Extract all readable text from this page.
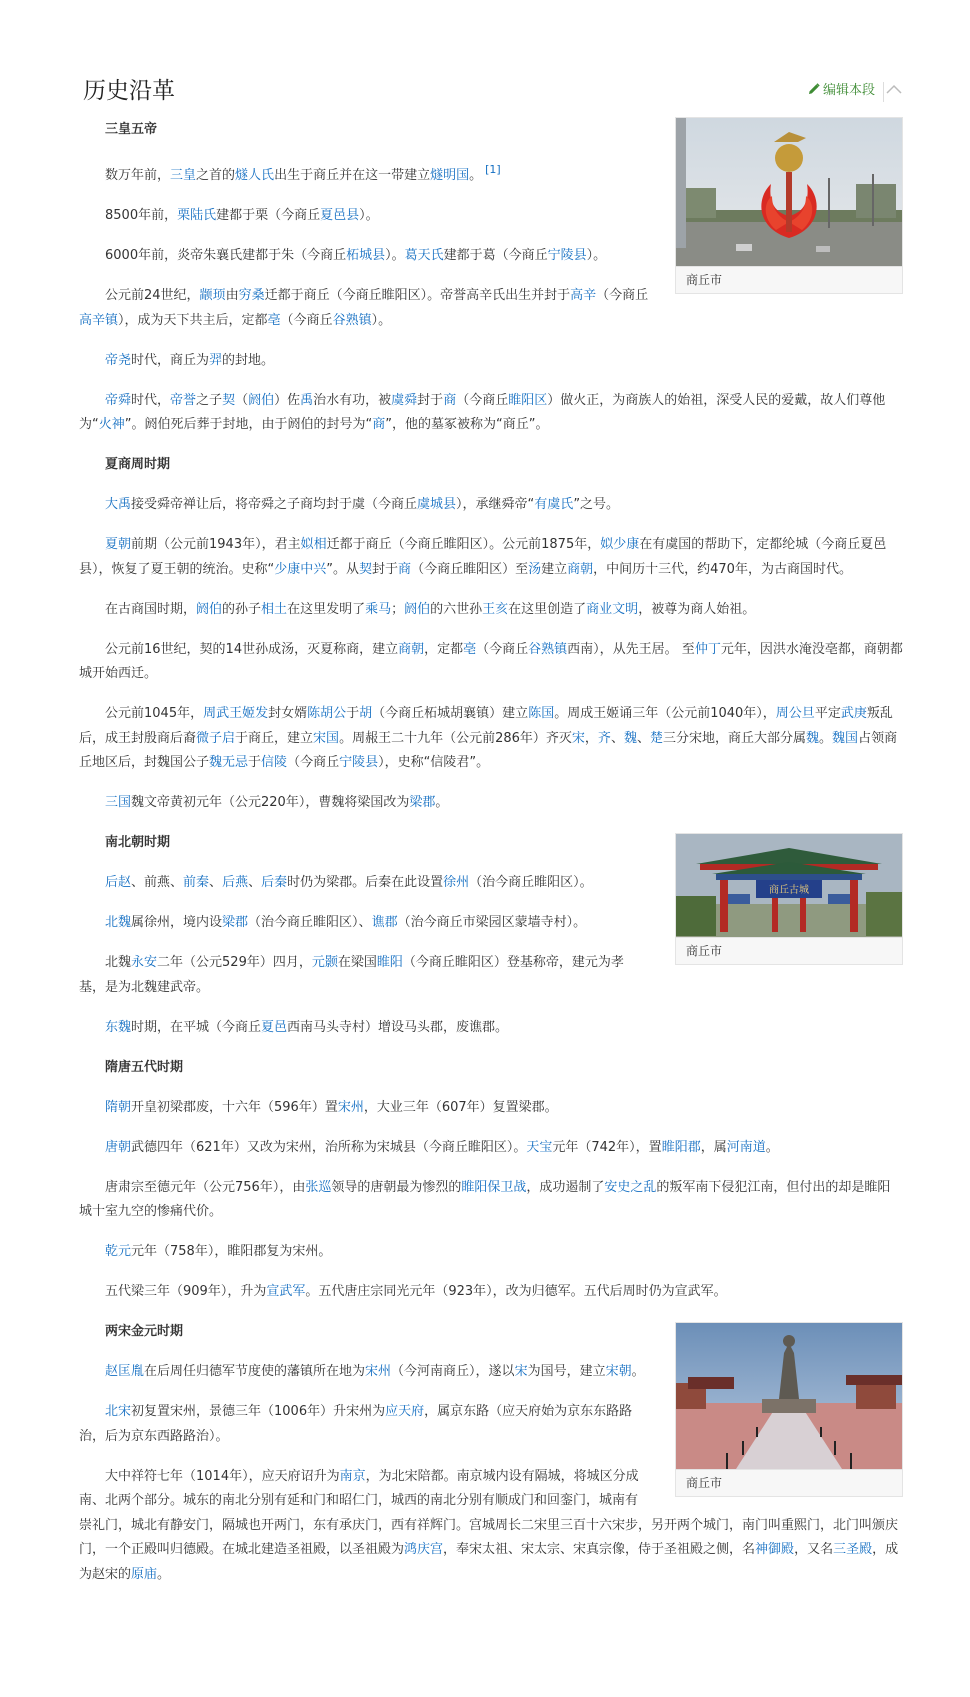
历史沿革	编辑本段
商丘市
三皇五帝

数万年前，三皇之首的燧人氏出生于商丘并在这一带建立燧明国。 [1]

8500年前，栗陆氏建都于栗（今商丘夏邑县）。

6000年前，炎帝朱襄氏建都于朱（今商丘柘城县）。葛天氏建都于葛（今商丘宁陵县）。

公元前24世纪，颛顼由穷桑迁都于商丘（今商丘睢阳区）。帝誉高辛氏出生并封于高辛（今商丘高辛镇），成为天下共主后，定都亳（今商丘谷熟镇）。

帝尧时代，商丘为羿的封地。

帝舜时代，帝誉之子契（阏伯）佐禹治水有功，被虞舜封于商（今商丘睢阳区）做火正，为商族人的始祖，深受人民的爱戴，故人们尊他为“火神”。阏伯死后葬于封地，由于阏伯的封号为“商”，他的墓冢被称为“商丘”。

夏商周时期

大禹接受舜帝禅让后，将帝舜之子商均封于虞（今商丘虞城县），承继舜帝“有虞氏”之号。

夏朝前期（公元前1943年），君主姒相迁都于商丘（今商丘睢阳区）。公元前1875年，姒少康在有虞国的帮助下，定都纶城（今商丘夏邑县），恢复了夏王朝的统治。史称“少康中兴”。从契封于商（今商丘睢阳区）至汤建立商朝，中间历十三代，约470年，为古商国时代。

在古商国时期，阏伯的孙子相土在这里发明了乘马；阏伯的六世孙王亥在这里创造了商业文明，被尊为商人始祖。

公元前16世纪，契的14世孙成汤，灭夏称商，建立商朝，定都亳（今商丘谷熟镇西南），从先王居。 至仲丁元年，因洪水淹没亳都，商朝都城开始西迁。

公元前1045年，周武王姬发封女婿陈胡公于胡（今商丘柘城胡襄镇）建立陈国。周成王姬诵三年（公元前1040年），周公旦平定武庚叛乱后，成王封殷商后裔微子启于商丘，建立宋国。周赧王二十九年（公元前286年）齐灭宋，齐、魏、楚三分宋地，商丘大部分属魏。魏国占领商丘地区后，封魏国公子魏无忌于信陵（今商丘宁陵县），史称“信陵君”。

三国魏文帝黄初元年（公元220年），曹魏将梁国改为梁郡。

商丘古城
商丘市
南北朝时期

后赵、前燕、前秦、后燕、后秦时仍为梁郡。后秦在此设置徐州（治今商丘睢阳区）。

北魏属徐州，境内设梁郡（治今商丘睢阳区）、谯郡（治今商丘市梁园区蒙墙寺村）。

北魏永安二年（公元529年）四月，元颢在梁国睢阳（今商丘睢阳区）登基称帝，建元为孝基，是为北魏建武帝。

东魏时期，在平城（今商丘夏邑西南马头寺村）增设马头郡，废谯郡。

隋唐五代时期

隋朝开皇初梁郡废，十六年（596年）置宋州，大业三年（607年）复置梁郡。

唐朝武德四年（621年）又改为宋州，治所称为宋城县（今商丘睢阳区）。天宝元年（742年），置睢阳郡，属河南道。

唐肃宗至德元年（公元756年），由张巡领导的唐朝最为惨烈的睢阳保卫战，成功遏制了安史之乱的叛军南下侵犯江南，但付出的却是睢阳城十室九空的惨痛代价。

乾元元年（758年），睢阳郡复为宋州。

五代梁三年（909年），升为宣武军。五代唐庄宗同光元年（923年），改为归德军。五代后周时仍为宣武军。

商丘市
两宋金元时期

赵匡胤在后周任归德军节度使的藩镇所在地为宋州（今河南商丘），遂以宋为国号，建立宋朝。

北宋初复置宋州，景德三年（1006年）升宋州为应天府，属京东路（应天府始为京东东路路治，后为京东西路路治）。

大中祥符七年（1014年），应天府诏升为南京，为北宋陪都。南京城内设有隔城，将城区分成南、北两个部分。城东的南北分别有延和门和昭仁门，城西的南北分别有顺成门和回銮门，城南有崇礼门，城北有静安门，隔城也开两门，东有承庆门，西有祥辉门。宫城周长二宋里三百十六宋步，另开两个城门，南门叫重熙门，北门叫颁庆门，一个正殿叫归德殿。在城北建造圣祖殿，以圣祖殿为鸿庆宫，奉宋太祖、宋太宗、宋真宗像，侍于圣祖殿之侧，名神御殿，又名三圣殿，成为赵宋的原庙。
